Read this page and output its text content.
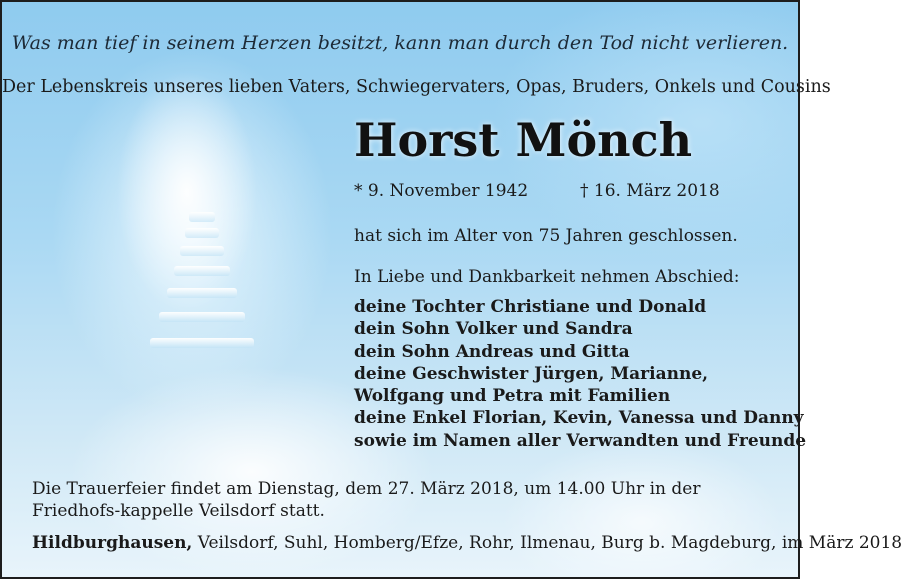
Was man tief in seinem Herzen besitzt, kann man durch den Tod nicht verlieren.

Der Lebenskreis unseres lieben Vaters, Schwiegervaters, Opas, Bruders, Onkels und Cousins

Horst Mönch

* 9. November 1942	† 16. März 2018

hat sich im Alter von 75 Jahren geschlossen.

In Liebe und Dankbarkeit nehmen Abschied:

deine Tochter Christiane und Donald
dein Sohn Volker und Sandra
dein Sohn Andreas und Gitta
deine Geschwister Jürgen, Marianne,
Wolfgang und Petra mit Familien
deine Enkel Florian, Kevin, Vanessa und Danny
sowie im Namen aller Verwandten und Freunde

Die Trauerfeier findet am Dienstag, dem 27. März 2018, um 14.00 Uhr in der Friedhofs-kappelle Veilsdorf statt.

Hildburghausen, Veilsdorf, Suhl, Homberg/Efze, Rohr, Ilmenau, Burg b. Magdeburg, im März 2018
